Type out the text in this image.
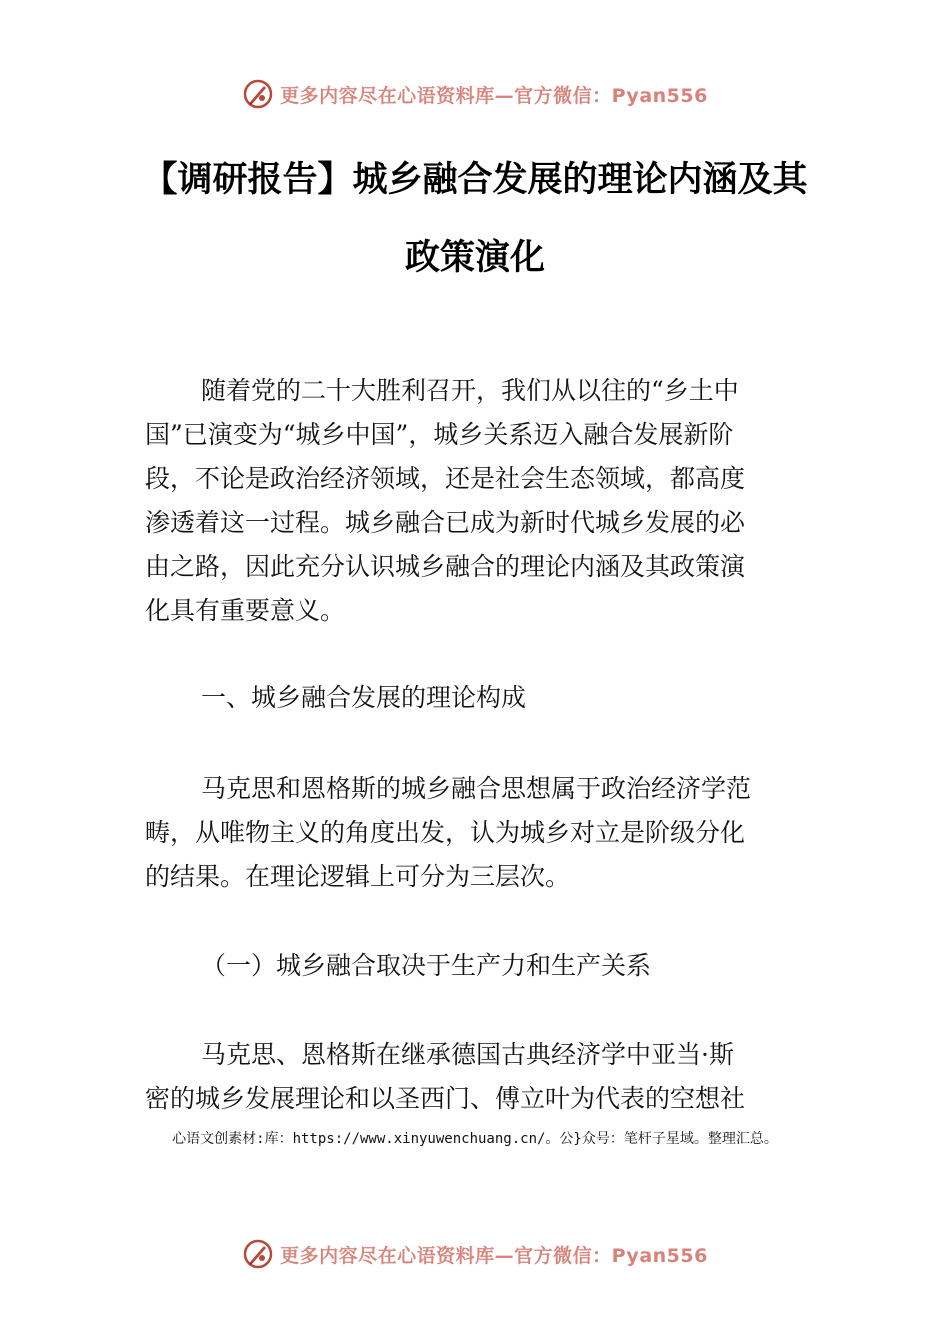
更多内容尽在心语资料库—官方微信：Pyan556
【调研报告】城乡融合发展的理论内涵及其
政策演化
随着党的二十大胜利召开，我们从以往的“乡土中
国”已演变为“城乡中国”，城乡关系迈入融合发展新阶
段，不论是政治经济领域，还是社会生态领域，都高度
渗透着这一过程。城乡融合已成为新时代城乡发展的必
由之路，因此充分认识城乡融合的理论内涵及其政策演
化具有重要意义。
一、城乡融合发展的理论构成
马克思和恩格斯的城乡融合思想属于政治经济学范
畴，从唯物主义的角度出发，认为城乡对立是阶级分化
的结果。在理论逻辑上可分为三层次。
（一）城乡融合取决于生产力和生产关系
马克思、恩格斯在继承德国古典经济学中亚当·斯
密的城乡发展理论和以圣西门、傅立叶为代表的空想社
心语文创素材:库：https://www.xinyuwenchuang.cn/。公}众号：笔杆子星域。整理汇总。
更多内容尽在心语资料库—官方微信：Pyan556
